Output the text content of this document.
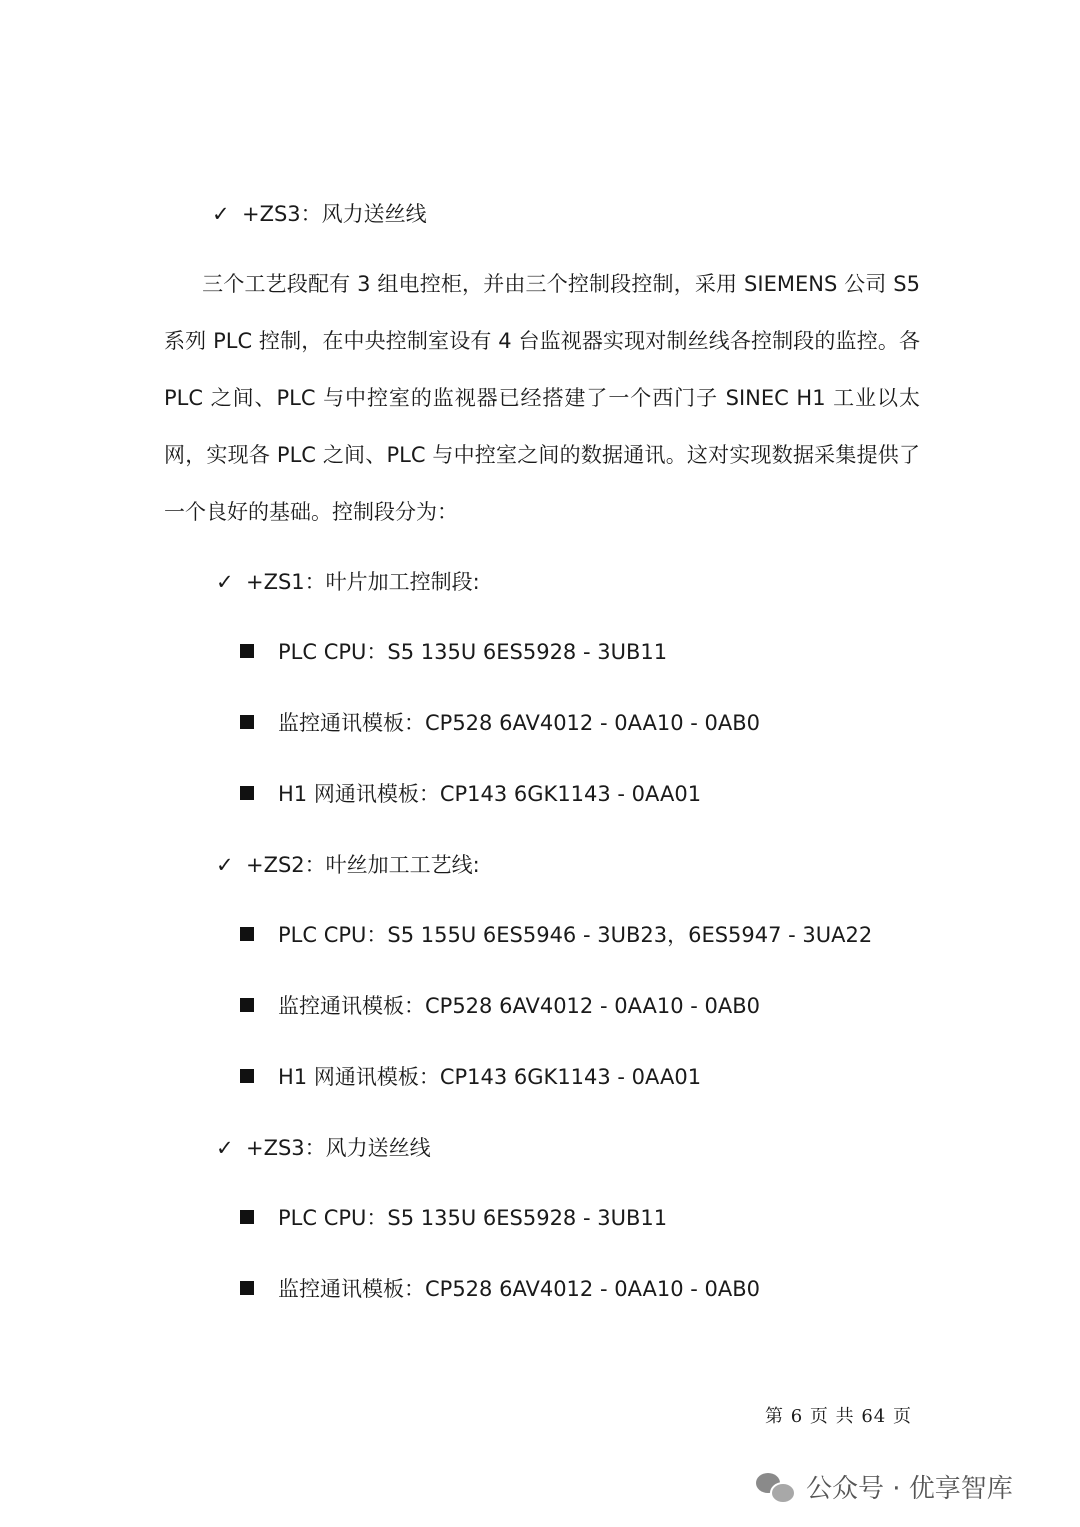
✓ +ZS3：风力送丝线
三个工艺段配有 3 组电控柜，并由三个控制段控制，采用 SIEMENS 公司 S5 系列 PLC 控制，在中央控制室设有 4 台监视器实现对制丝线各控制段的监控。各 PLC 之间、PLC 与中控室的监视器已经搭建了一个西门子 SINEC H1 工业以太网，实现各 PLC 之间、PLC 与中控室之间的数据通讯。这对实现数据采集提供了一个良好的基础。控制段分为：
✓ +ZS1：叶片加工控制段:
PLC CPU：S5 135U 6ES5928 - 3UB11
监控通讯模板：CP528 6AV4012 - 0AA10 - 0AB0
H1 网通讯模板：CP143 6GK1143 - 0AA01
✓ +ZS2：叶丝加工工艺线:
PLC CPU：S5 155U 6ES5946 - 3UB23，6ES5947 - 3UA22
监控通讯模板：CP528 6AV4012 - 0AA10 - 0AB0
H1 网通讯模板：CP143 6GK1143 - 0AA01
✓ +ZS3：风力送丝线
PLC CPU：S5 135U 6ES5928 - 3UB11
监控通讯模板：CP528 6AV4012 - 0AA10 - 0AB0
第 6 页 共 64 页
公众号 · 优享智库
